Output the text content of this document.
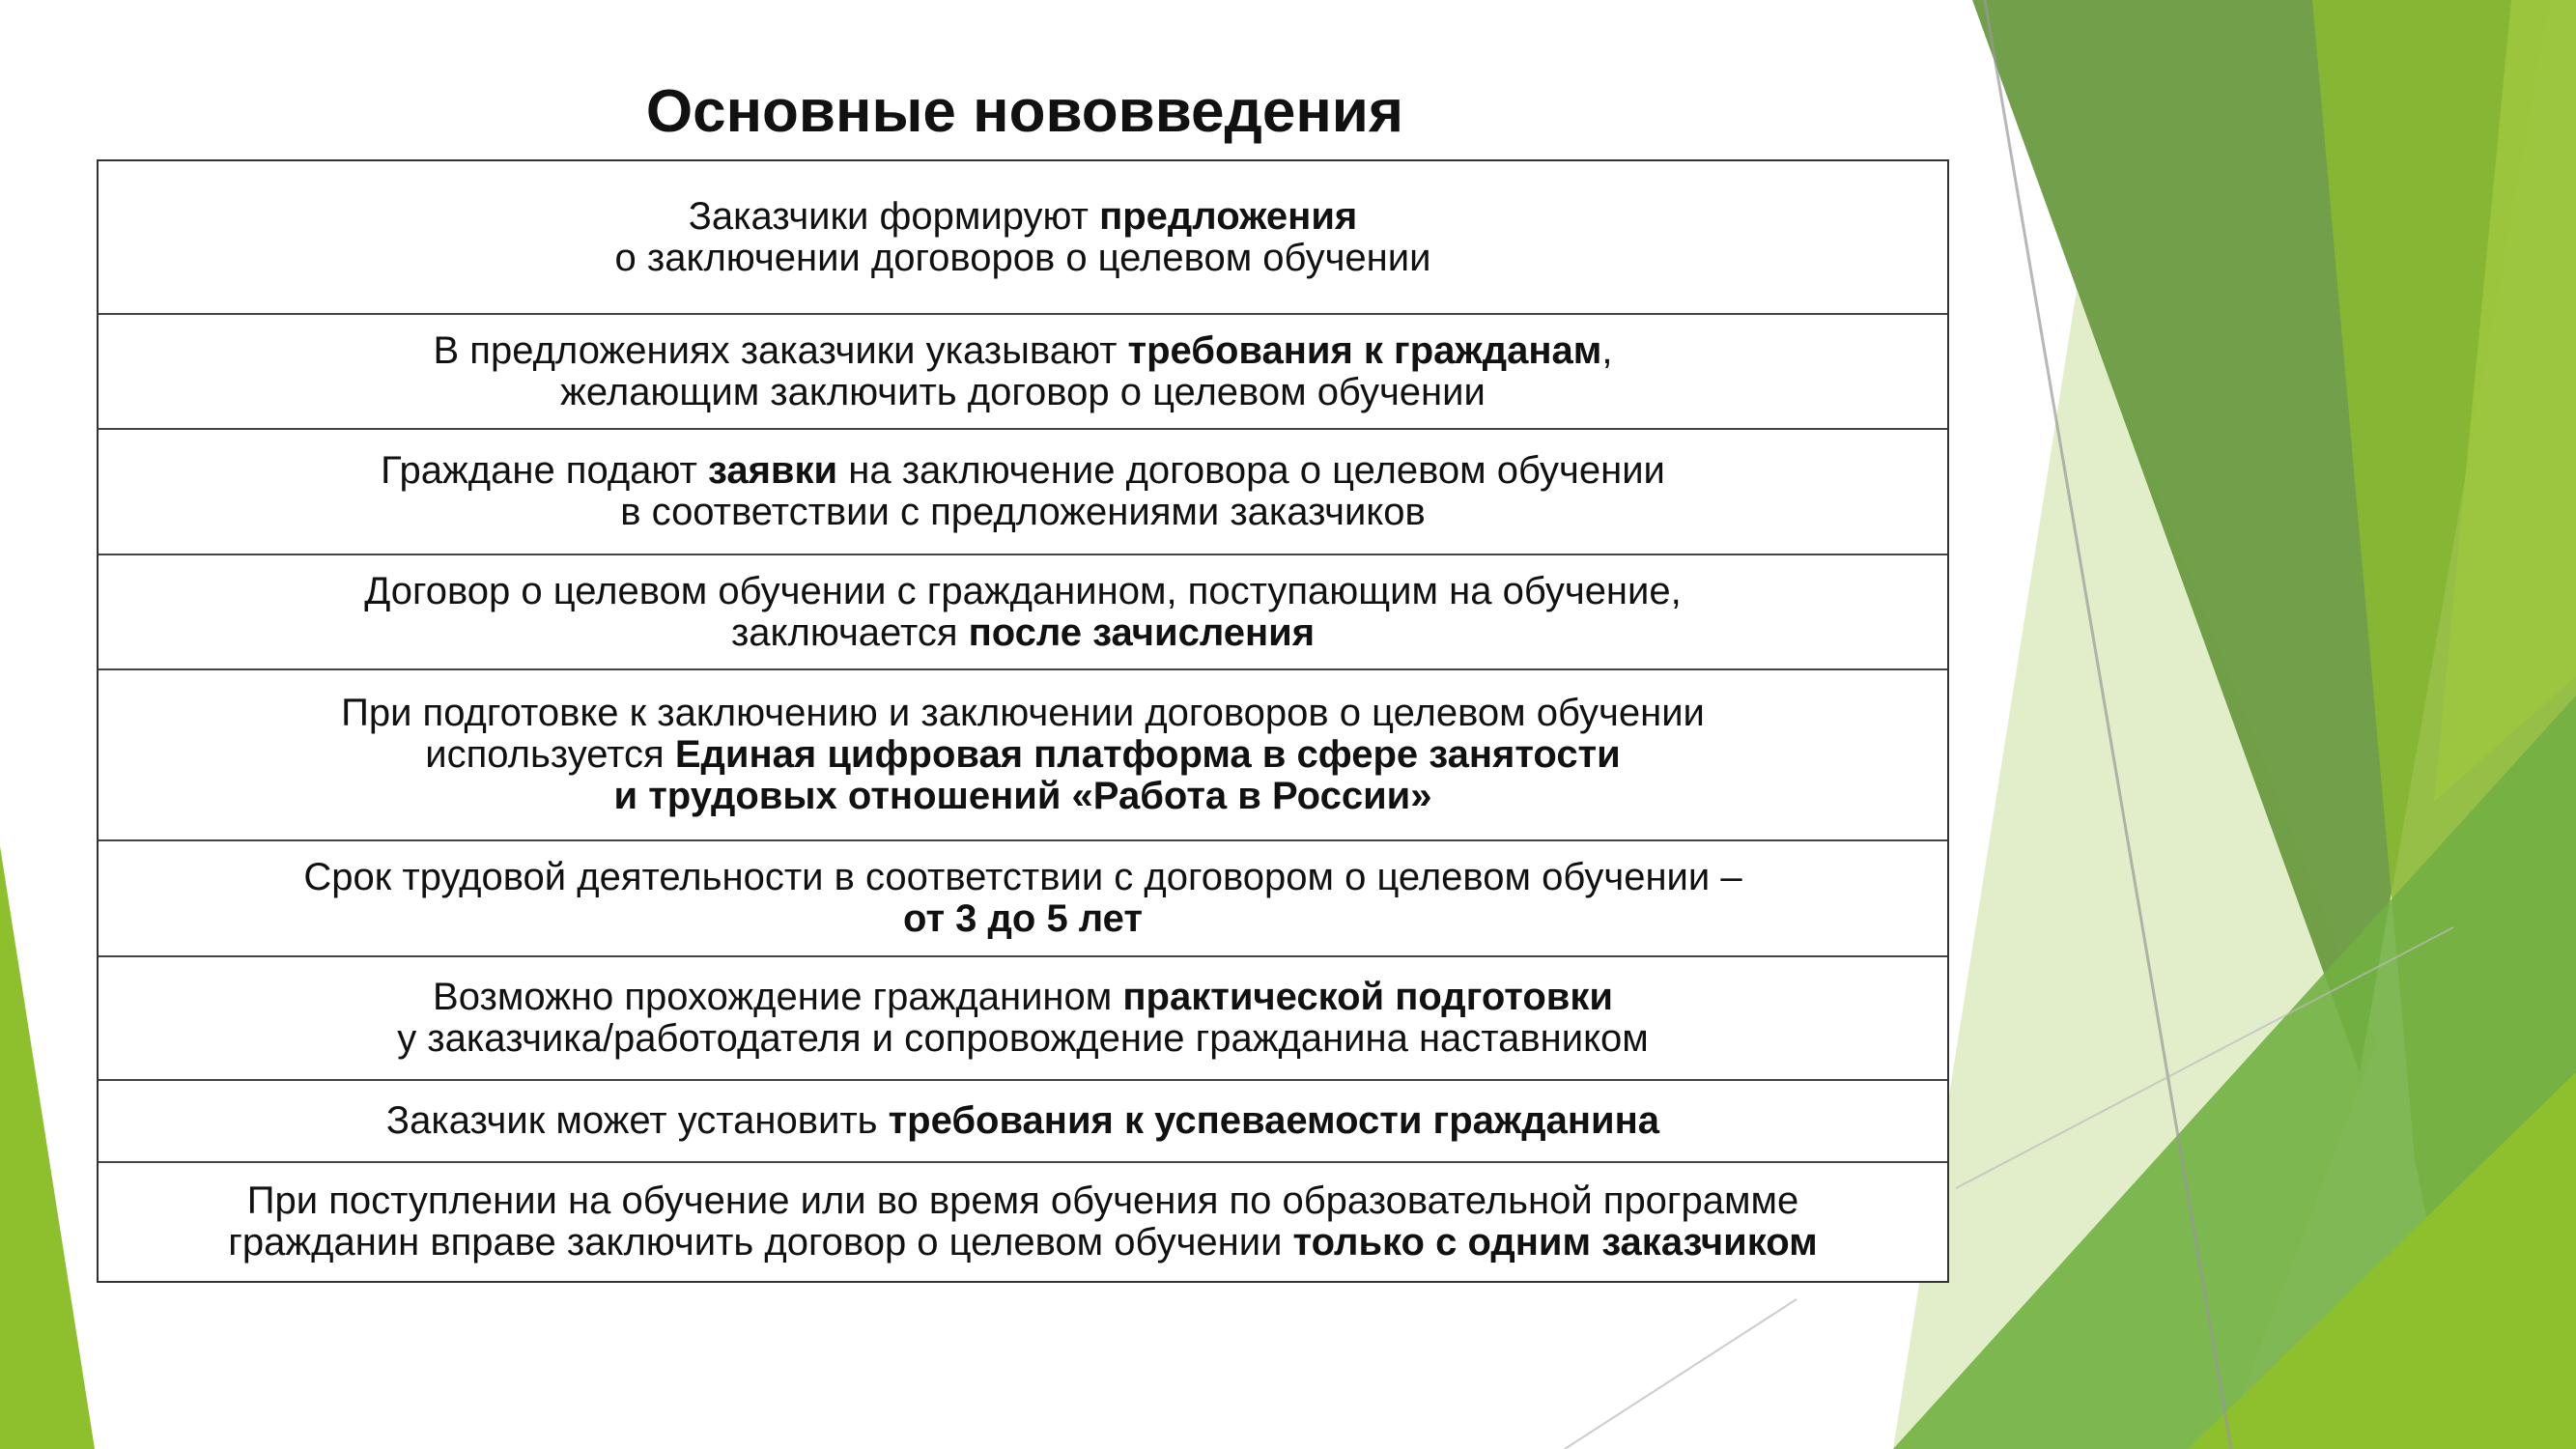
Основные нововведения
Заказчики формируют предложения
о заключении договоров о целевом обучении
В предложениях заказчики указывают требования к гражданам,
желающим заключить договор о целевом обучении
Граждане подают заявки на заключение договора о целевом обучении
в соответствии с предложениями заказчиков
Договор о целевом обучении с гражданином, поступающим на обучение,
заключается после зачисления
При подготовке к заключению и заключении договоров о целевом обучении
используется Единая цифровая платформа в сфере занятости
и трудовых отношений «Работа в России»
Срок трудовой деятельности в соответствии с договором о целевом обучении –
от 3 до 5 лет
Возможно прохождение гражданином практической подготовки
у заказчика/работодателя и сопровождение гражданина наставником
Заказчик может установить требования к успеваемости гражданина
При поступлении на обучение или во время обучения по образовательной программе
гражданин вправе заключить договор о целевом обучении только с одним заказчиком
